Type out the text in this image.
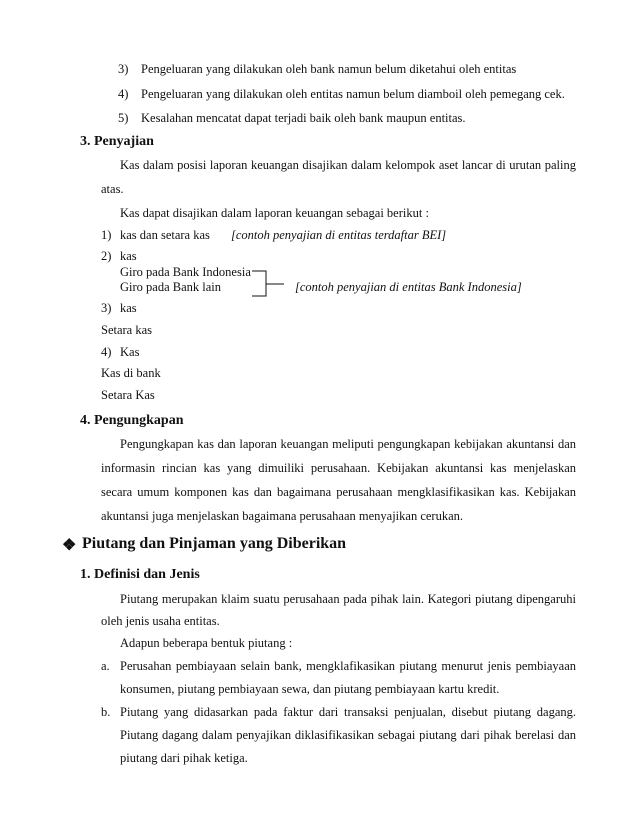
3) Pengeluaran yang dilakukan oleh bank namun belum diketahui oleh entitas
4) Pengeluaran yang dilakukan oleh entitas namun belum diamboil oleh pemegang cek.
5) Kesalahan mencatat dapat terjadi baik oleh bank maupun entitas.
3. Penyajian
Kas dalam posisi laporan keuangan disajikan dalam kelompok aset lancar di urutan paling
atas.
Kas dapat disajikan dalam laporan keuangan sebagai berikut :
1) kas dan setara kas [contoh penyajian di entitas terdaftar BEI]
2) kas
Giro pada Bank Indonesia
Giro pada Bank lain	[contoh penyajian di entitas Bank Indonesia]
3) kas
Setara kas
4) Kas
Kas di bank
Setara Kas
4. Pengungkapan
Pengungkapan kas dan laporan keuangan meliputi pengungkapan kebijakan akuntansi dan
informasin rincian kas yang dimuiliki perusahaan. Kebijakan akuntansi kas menjelaskan
secara umum komponen kas dan bagaimana perusahaan mengklasifikasikan kas. Kebijakan
akuntansi juga menjelaskan bagaimana perusahaan menyajikan cerukan.
❖ Piutang dan Pinjaman yang Diberikan
1. Definisi dan Jenis
Piutang merupakan klaim suatu perusahaan pada pihak lain. Kategori piutang dipengaruhi
oleh jenis usaha entitas.
Adapun beberapa bentuk piutang :
a. Perusahan pembiayaan selain bank, mengklafikasikan piutang menurut jenis pembiayaan
konsumen, piutang pembiayaan sewa, dan piutang pembiayaan kartu kredit.
b. Piutang yang didasarkan pada faktur dari transaksi penjualan, disebut piutang dagang.
Piutang dagang dalam penyajikan diklasifikasikan sebagai piutang dari pihak berelasi dan
piutang dari pihak ketiga.
